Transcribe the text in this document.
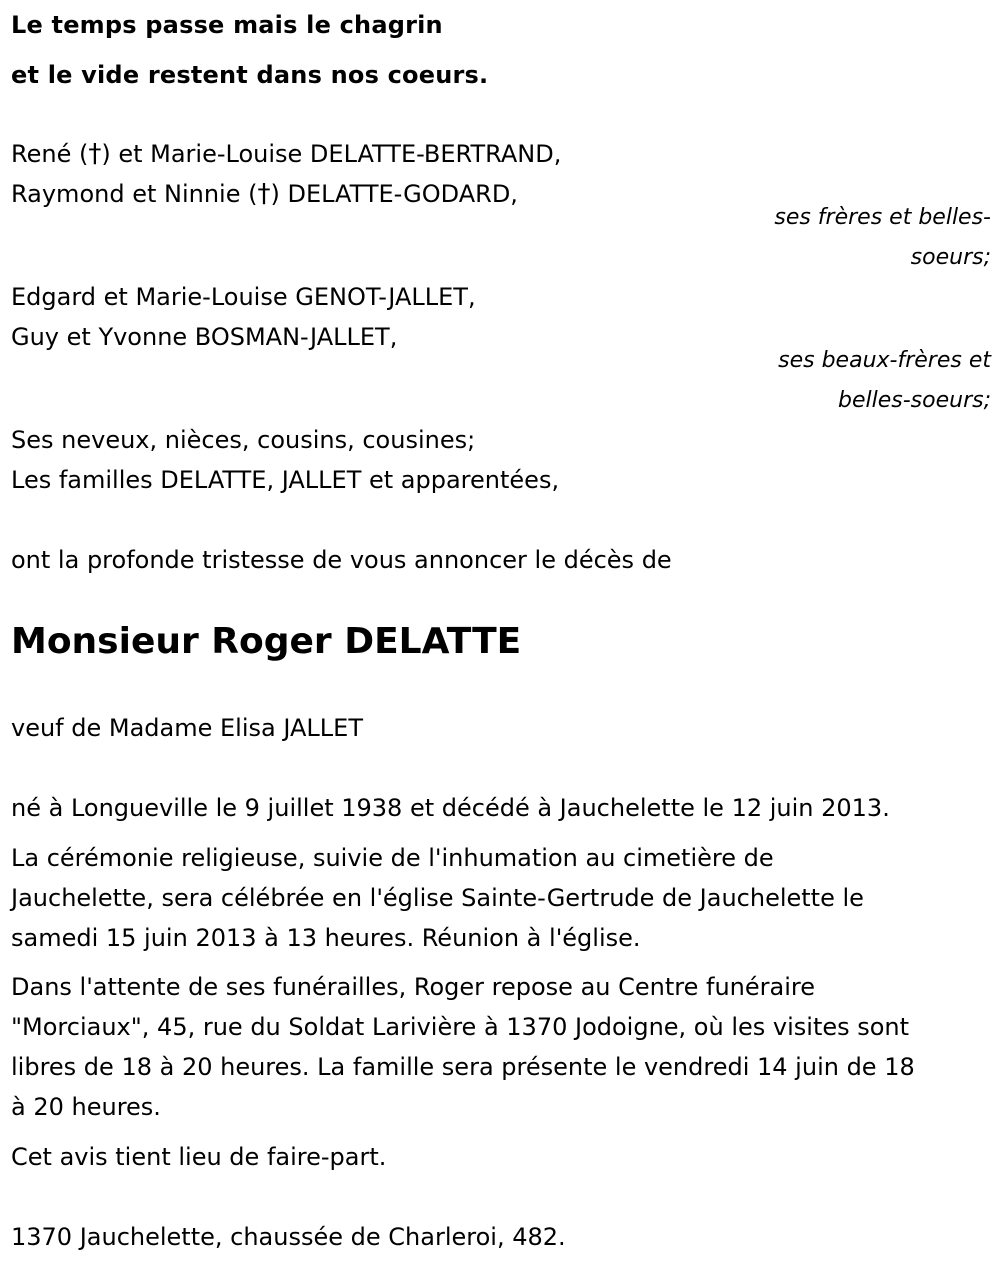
Le temps passe mais le chagrin
et le vide restent dans nos coeurs.
René (†) et Marie-Louise DELATTE-BERTRAND,
Raymond et Ninnie (†) DELATTE-GODARD,
ses frères et belles-
soeurs;
Edgard et Marie-Louise GENOT-JALLET,
Guy et Yvonne BOSMAN-JALLET,
ses beaux-frères et
belles-soeurs;
Ses neveux, nièces, cousins, cousines;
Les familles DELATTE, JALLET et apparentées,
ont la profonde tristesse de vous annoncer le décès de
Monsieur Roger DELATTE
veuf de Madame Elisa JALLET
né à Longueville le 9 juillet 1938 et décédé à Jauchelette le 12 juin 2013.
La cérémonie religieuse, suivie de l'inhumation au cimetière de
Jauchelette, sera célébrée en l'église Sainte-Gertrude de Jauchelette le
samedi 15 juin 2013 à 13 heures. Réunion à l'église.
Dans l'attente de ses funérailles, Roger repose au Centre funéraire
"Morciaux", 45, rue du Soldat Larivière à 1370 Jodoigne, où les visites sont
libres de 18 à 20 heures. La famille sera présente le vendredi 14 juin de 18
à 20 heures.
Cet avis tient lieu de faire-part.
1370 Jauchelette, chaussée de Charleroi, 482.
